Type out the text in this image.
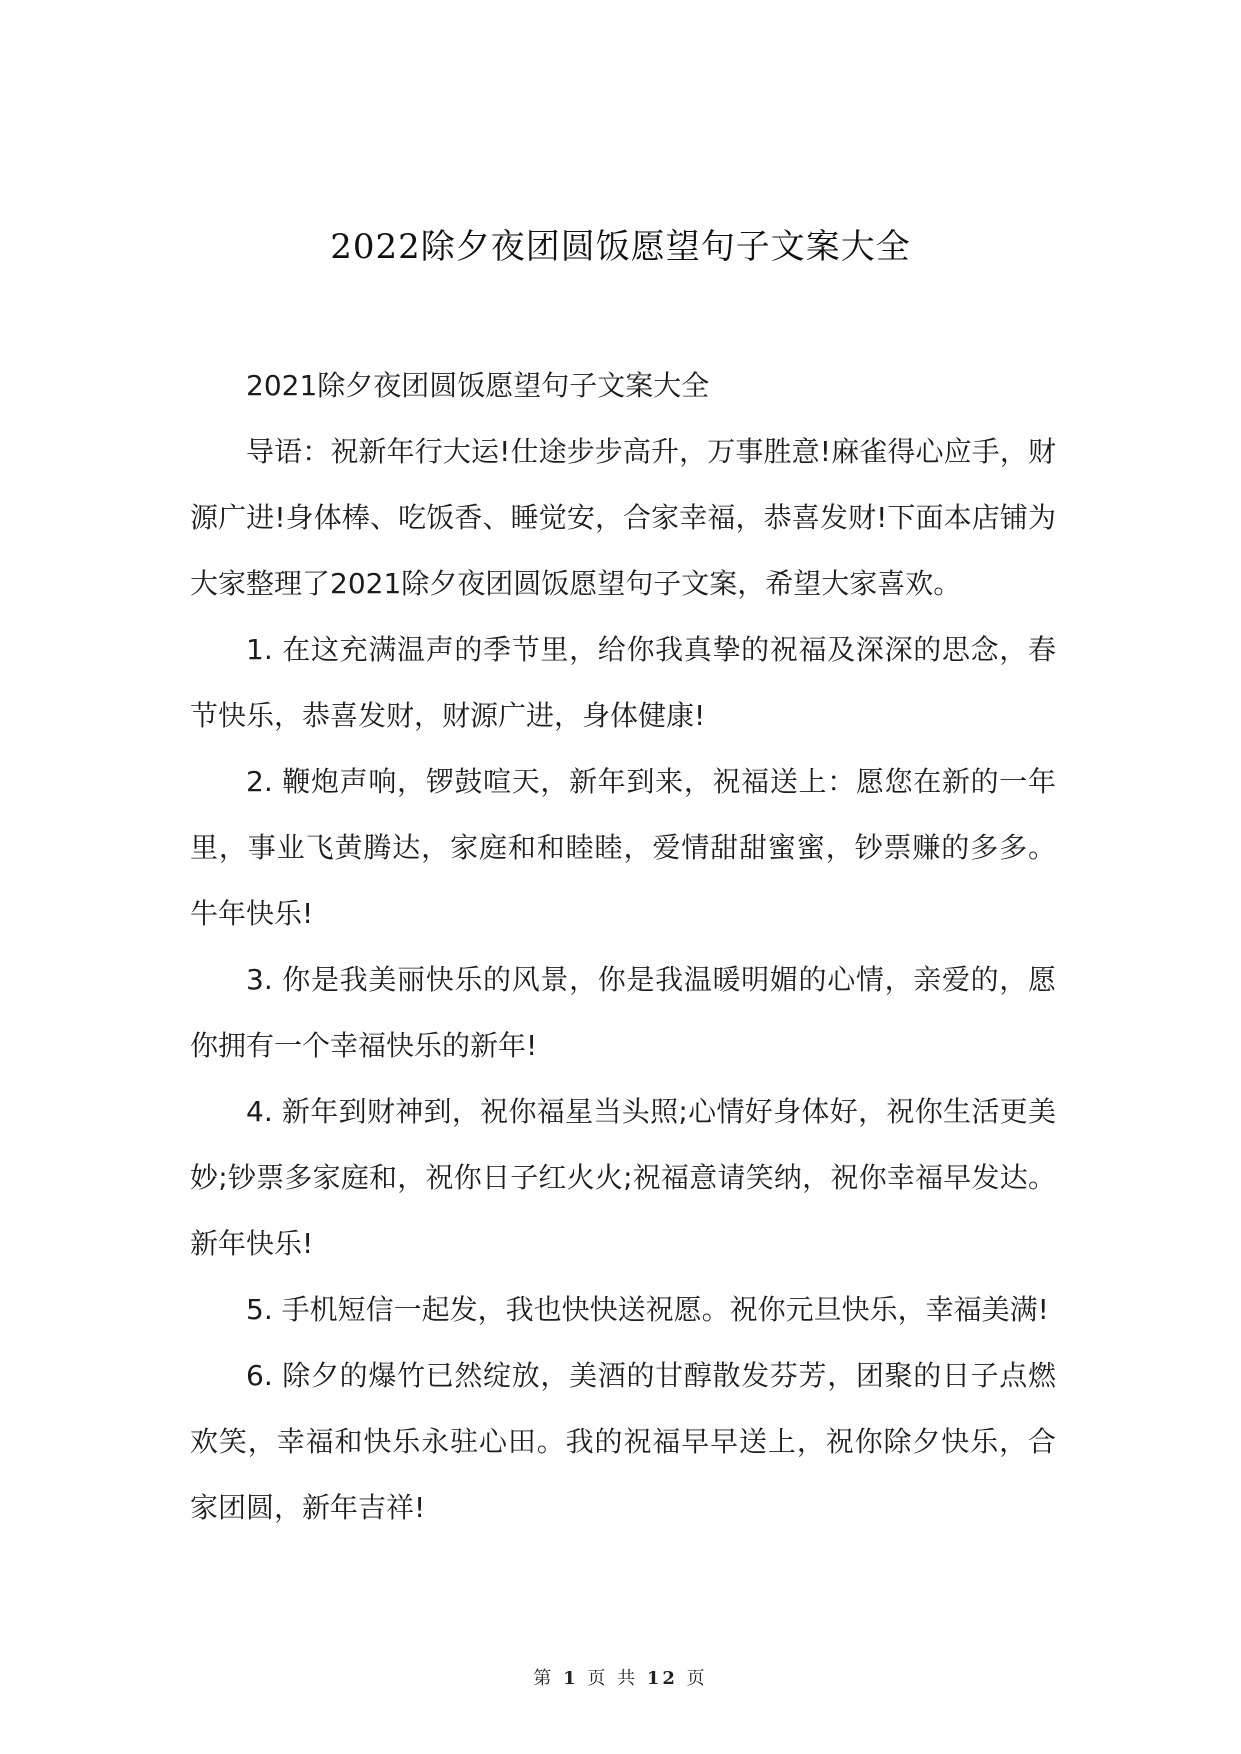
2022除夕夜团圆饭愿望句子文案大全

2021除夕夜团圆饭愿望句子文案大全

导语：祝新年行大运!仕途步步高升，万事胜意!麻雀得心应手，财源广进!身体棒、吃饭香、睡觉安，合家幸福，恭喜发财!下面本店铺为大家整理了2021除夕夜团圆饭愿望句子文案，希望大家喜欢。

1. 在这充满温声的季节里，给你我真挚的祝福及深深的思念，春节快乐，恭喜发财，财源广进，身体健康!

2. 鞭炮声响，锣鼓喧天，新年到来，祝福送上：愿您在新的一年里，事业飞黄腾达，家庭和和睦睦，爱情甜甜蜜蜜，钞票赚的多多。牛年快乐!

3. 你是我美丽快乐的风景，你是我温暖明媚的心情，亲爱的，愿你拥有一个幸福快乐的新年!

4. 新年到财神到，祝你福星当头照;心情好身体好，祝你生活更美妙;钞票多家庭和，祝你日子红火火;祝福意请笑纳，祝你幸福早发达。新年快乐!

5. 手机短信一起发，我也快快送祝愿。祝你元旦快乐，幸福美满!

6. 除夕的爆竹已然绽放，美酒的甘醇散发芬芳，团聚的日子点燃欢笑，幸福和快乐永驻心田。我的祝福早早送上，祝你除夕快乐，合家团圆，新年吉祥!

第 1 页 共 12 页
